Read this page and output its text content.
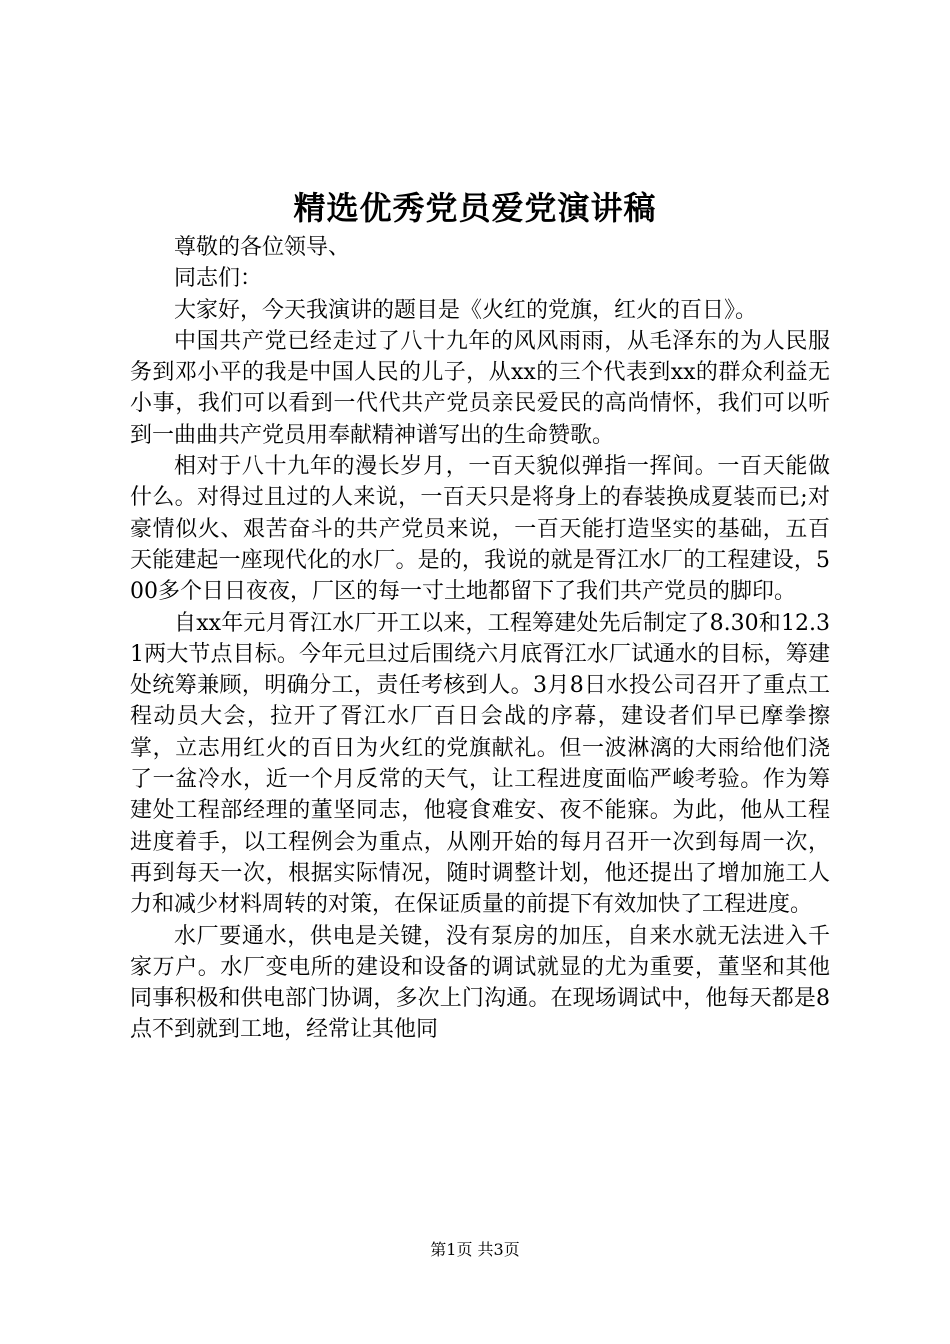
精选优秀党员爱党演讲稿

尊敬的各位领导、

同志们：

大家好，今天我演讲的题目是《火红的党旗，红火的百日》。

中国共产党已经走过了八十九年的风风雨雨，从毛泽东的为人民服务到邓小平的我是中国人民的儿子，从xx的三个代表到xx的群众利益无小事，我们可以看到一代代共产党员亲民爱民的高尚情怀，我们可以听到一曲曲共产党员用奉献精神谱写出的生命赞歌。

相对于八十九年的漫长岁月，一百天貌似弹指一挥间。一百天能做什么。对得过且过的人来说，一百天只是将身上的春装换成夏装而已;对豪情似火、艰苦奋斗的共产党员来说，一百天能打造坚实的基础，五百天能建起一座现代化的水厂。是的，我说的就是胥江水厂的工程建设，500多个日日夜夜，厂区的每一寸土地都留下了我们共产党员的脚印。

自xx年元月胥江水厂开工以来，工程筹建处先后制定了8.30和12.31两大节点目标。今年元旦过后围绕六月底胥江水厂试通水的目标，筹建处统筹兼顾，明确分工，责任考核到人。3月8日水投公司召开了重点工程动员大会，拉开了胥江水厂百日会战的序幕，建设者们早已摩拳擦掌，立志用红火的百日为火红的党旗献礼。但一波淋漓的大雨给他们浇了一盆冷水，近一个月反常的天气，让工程进度面临严峻考验。作为筹建处工程部经理的董坚同志，他寝食难安、夜不能寐。为此，他从工程进度着手，以工程例会为重点，从刚开始的每月召开一次到每周一次，再到每天一次，根据实际情况，随时调整计划，他还提出了增加施工人力和减少材料周转的对策，在保证质量的前提下有效加快了工程进度。

水厂要通水，供电是关键，没有泵房的加压，自来水就无法进入千家万户。水厂变电所的建设和设备的调试就显的尤为重要，董坚和其他同事积极和供电部门协调，多次上门沟通。在现场调试中，他每天都是8点不到就到工地，经常让其他同

第1页 共3页
